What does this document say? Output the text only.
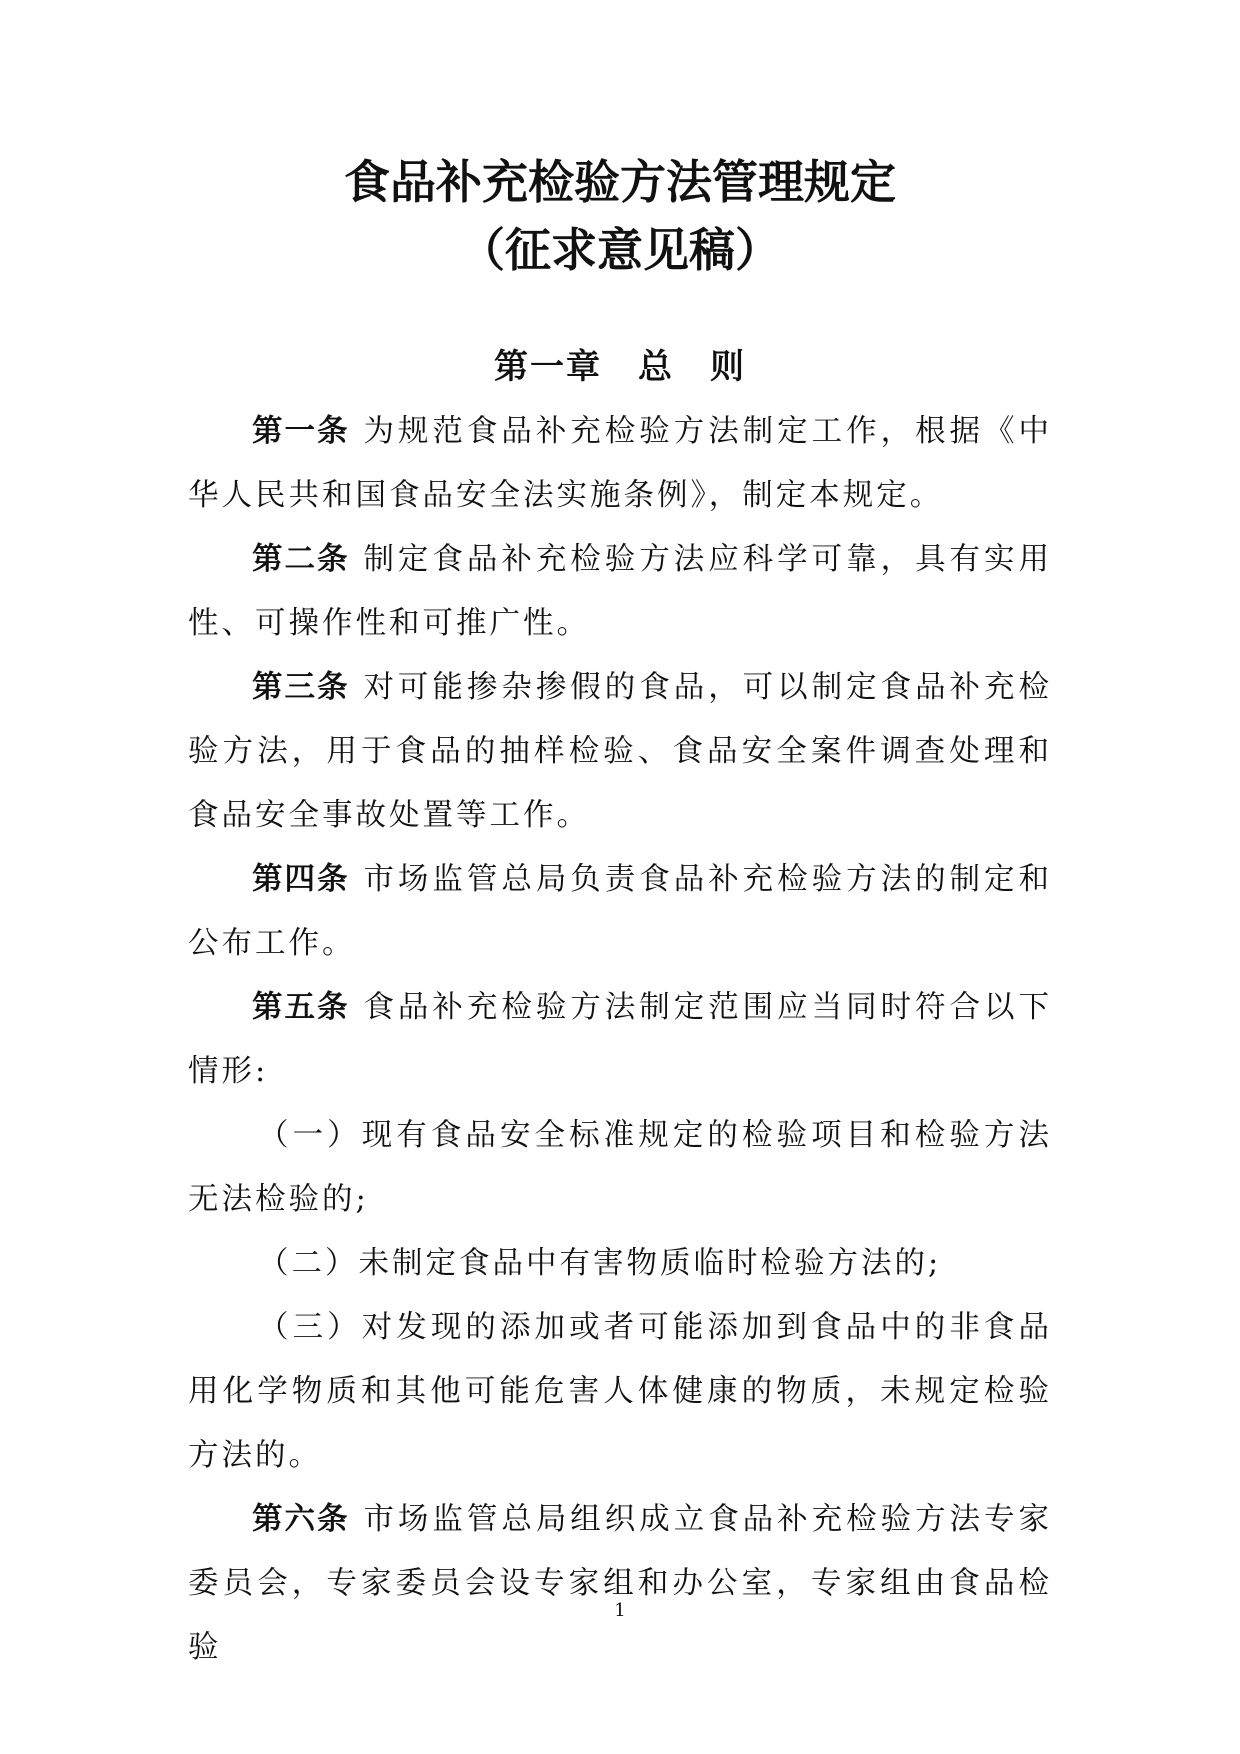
食品补充检验方法管理规定
（征求意见稿）
第一章　总　则

第一条 为规范食品补充检验方法制定工作，根据《中华人民共和国食品安全法实施条例》，制定本规定。

第二条 制定食品补充检验方法应科学可靠，具有实用性、可操作性和可推广性。

第三条 对可能掺杂掺假的食品，可以制定食品补充检验方法，用于食品的抽样检验、食品安全案件调查处理和食品安全事故处置等工作。

第四条 市场监管总局负责食品补充检验方法的制定和公布工作。

第五条 食品补充检验方法制定范围应当同时符合以下情形:

（一）现有食品安全标准规定的检验项目和检验方法无法检验的;

（二）未制定食品中有害物质临时检验方法的;

（三）对发现的添加或者可能添加到食品中的非食品用化学物质和其他可能危害人体健康的物质，未规定检验方法的。

第六条 市场监管总局组织成立食品补充检验方法专家委员会，专家委员会设专家组和办公室，专家组由食品检验

1
